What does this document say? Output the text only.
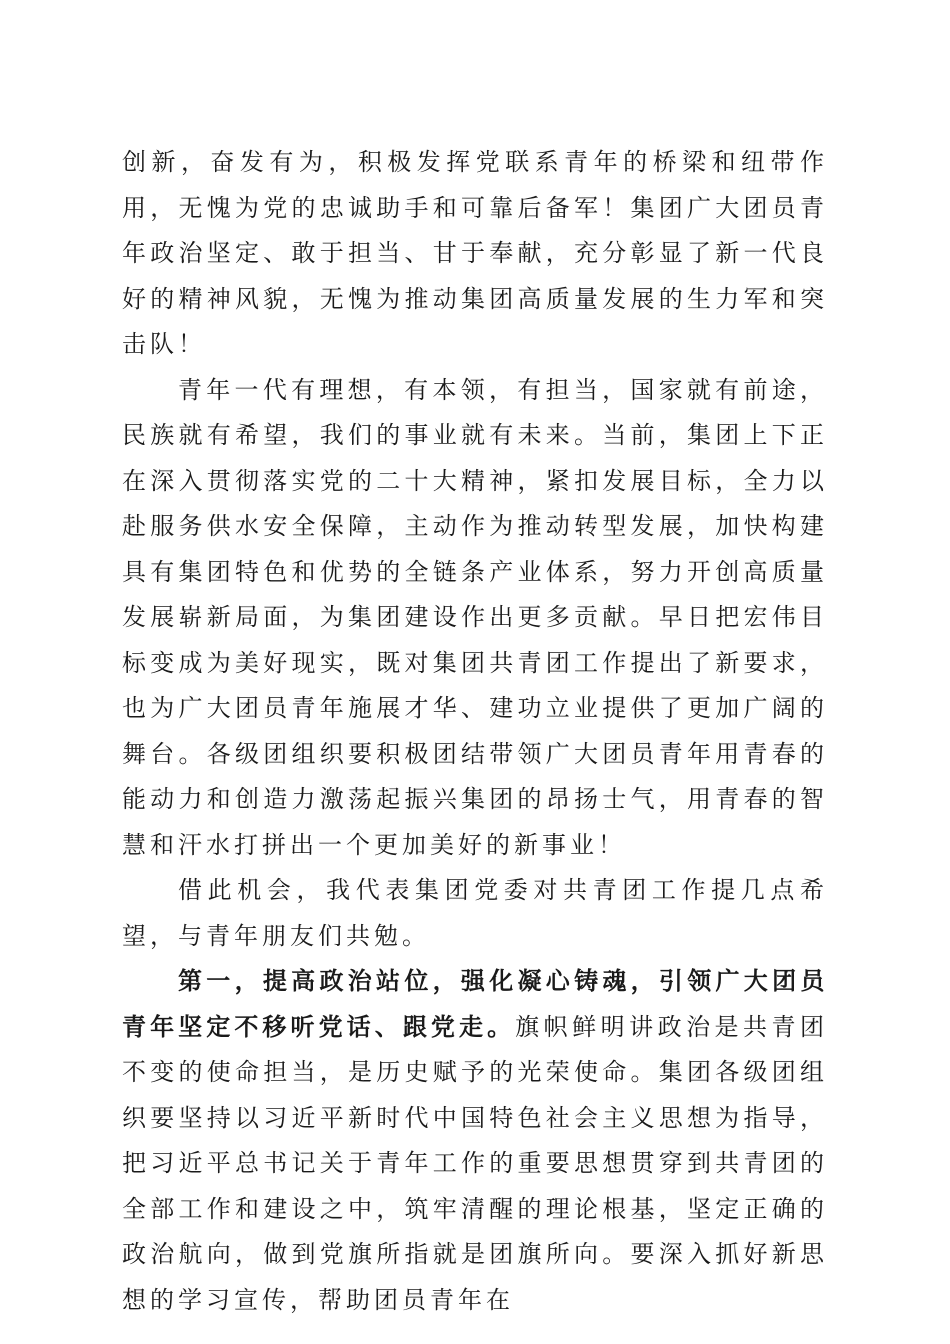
创新，奋发有为，积极发挥党联系青年的桥梁和纽带作用，无愧为党的忠诚助手和可靠后备军！集团广大团员青年政治坚定、敢于担当、甘于奉献，充分彰显了新一代良好的精神风貌，无愧为推动集团高质量发展的生力军和突击队！

青年一代有理想，有本领，有担当，国家就有前途，民族就有希望，我们的事业就有未来。当前，集团上下正在深入贯彻落实党的二十大精神，紧扣发展目标，全力以赴服务供水安全保障，主动作为推动转型发展，加快构建具有集团特色和优势的全链条产业体系，努力开创高质量发展崭新局面，为集团建设作出更多贡献。早日把宏伟目标变成为美好现实，既对集团共青团工作提出了新要求，也为广大团员青年施展才华、建功立业提供了更加广阔的舞台。各级团组织要积极团结带领广大团员青年用青春的能动力和创造力激荡起振兴集团的昂扬士气，用青春的智慧和汗水打拼出一个更加美好的新事业！

借此机会，我代表集团党委对共青团工作提几点希望，与青年朋友们共勉。

第一，提高政治站位，强化凝心铸魂，引领广大团员青年坚定不移听党话、跟党走。旗帜鲜明讲政治是共青团不变的使命担当，是历史赋予的光荣使命。集团各级团组织要坚持以习近平新时代中国特色社会主义思想为指导，把习近平总书记关于青年工作的重要思想贯穿到共青团的全部工作和建设之中，筑牢清醒的理论根基，坚定正确的政治航向，做到党旗所指就是团旗所向。要深入抓好新思想的学习宣传，帮助团员青年在
